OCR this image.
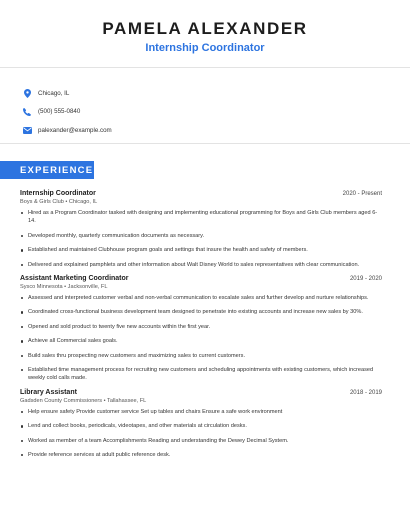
PAMELA ALEXANDER
Internship Coordinator
Chicago, IL
(500) 555-0840
palexander@example.com
EXPERIENCE
Internship Coordinator	2020 - Present
Boys & Girls Club • Chicago, IL
Hired as a Program Coordinator tasked with designing and implementing educational programming for Boys and Girls Club members aged 6-14.
Developed monthly, quarterly communication documents as necessary.
Established and maintained Clubhouse program goals and settings that insure the health and safety of members.
Delivered and explained pamphlets and other information about Walt Disney World to sales representatives with clear communication.
Assistant Marketing Coordinator	2019 - 2020
Sysco Minnesota • Jacksonville, FL
Assessed and interpreted customer verbal and non-verbal communication to escalate sales and further develop and nurture relationships.
Coordinated cross-functional business development team designed to penetrate into existing accounts and increase new sales by 30%.
Opened and sold product to twenty five new accounts within the first year.
Achieve all Commercial sales goals.
Build sales thru prospecting new customers and maximizing sales to current customers.
Established time management process for recruiting new customers and scheduling appointments with existing customers, which increased weekly cold calls made.
Library Assistant	2018 - 2019
Gadsden County Commissioners • Tallahassee, FL
Help ensure safety Provide customer service Set up tables and chairs Ensure a safe work environment
Lend and collect books, periodicals, videotapes, and other materials at circulation desks.
Worked as member of a team Accomplishments Reading and understanding the Dewey Decimal System.
Provide reference services at adult public reference desk.
